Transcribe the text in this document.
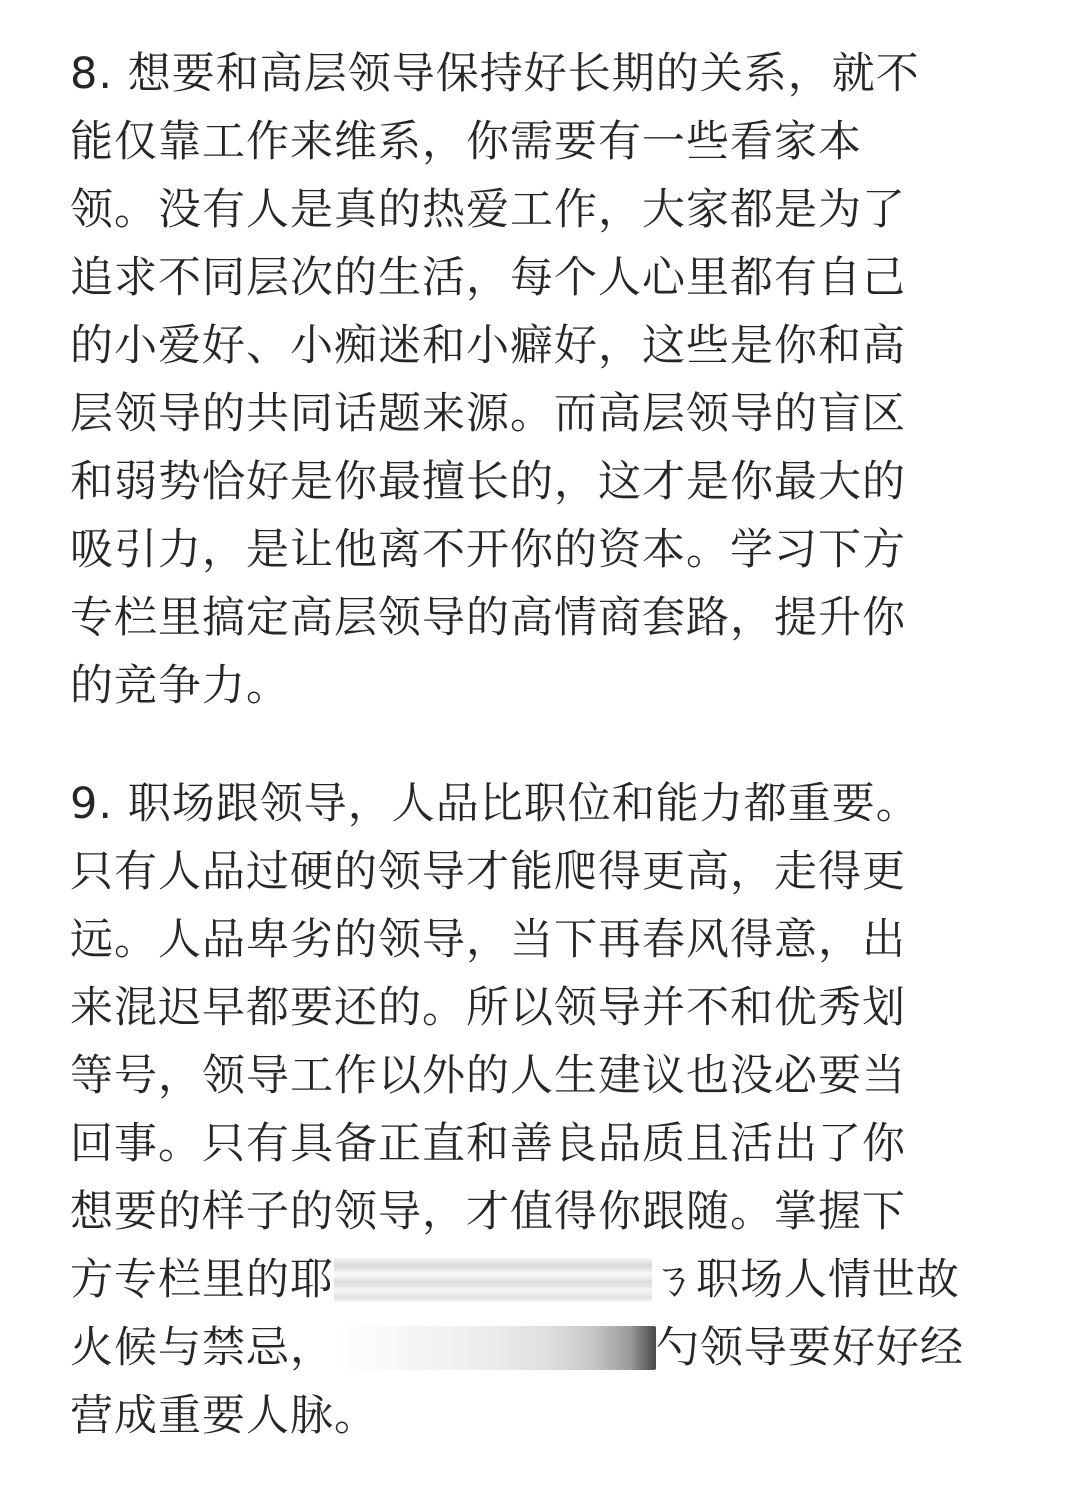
8. 想要和高层领导保持好长期的关系，就不
能仅靠工作来维系，你需要有一些看家本
领。没有人是真的热爱工作，大家都是为了
追求不同层次的生活，每个人心里都有自己
的小爱好、小痴迷和小癖好，这些是你和高
层领导的共同话题来源。而高层领导的盲区
和弱势恰好是你最擅长的，这才是你最大的
吸引力，是让他离不开你的资本。学习下方
专栏里搞定高层领导的高情商套路，提升你
的竞争力。
9. 职场跟领导，人品比职位和能力都重要。
只有人品过硬的领导才能爬得更高，走得更
远。人品卑劣的领导，当下再春风得意，出
来混迟早都要还的。所以领导并不和优秀划
等号，领导工作以外的人生建议也没必要当
回事。只有具备正直和善良品质且活出了你
想要的样子的领导，才值得你跟随。掌握下
方专栏里的耶	ㄋ职场人情世故
火候与禁忌，	勺领导要好好经
营成重要人脉。
